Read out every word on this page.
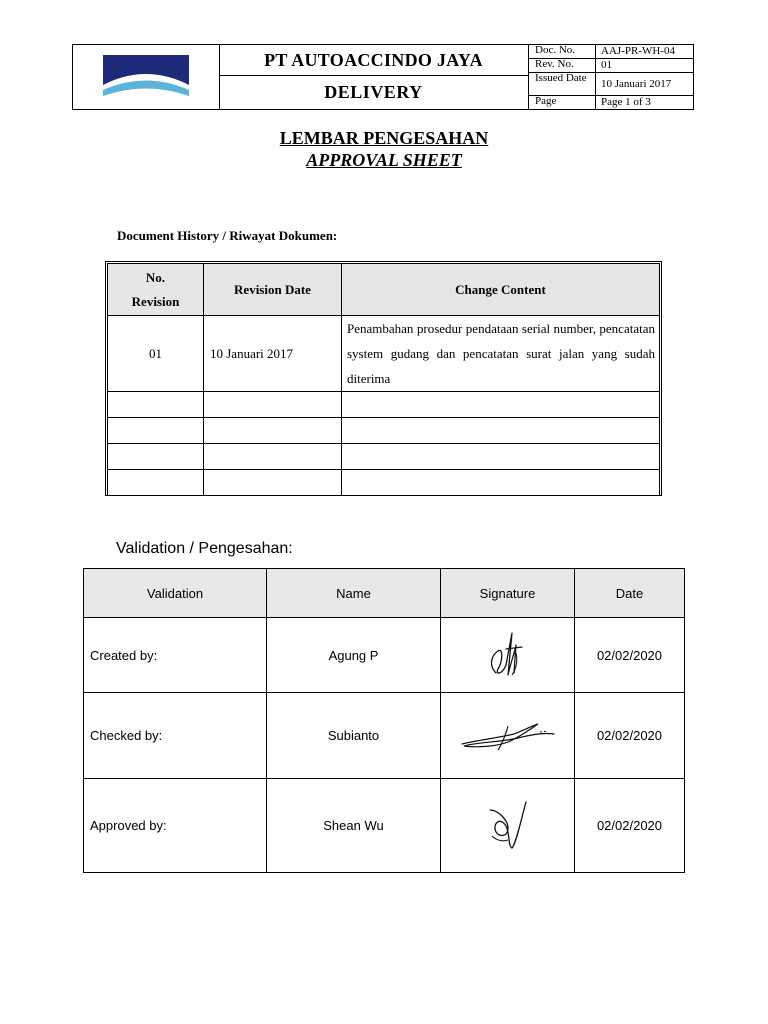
PT AUTOACCINDO JAYA
DELIVERY
Doc. No.	AAJ-PR-WH-04
Rev. No.	01
Issued Date	10 Januari 2017
Page	Page 1 of 3
LEMBAR PENGESAHAN
APPROVAL SHEET
Document History / Riwayat Dokumen:
No.
Revision	Revision Date	Change Content
01	10 Januari 2017	Penambahan prosedur pendataan serial number, pencatatan system gudang dan pencatatan surat jalan yang sudah diterima

Validation / Pengesahan:
Validation	Name	Signature	Date
Created by:	Agung P		02/02/2020
Checked by:	Subianto		02/02/2020
Approved by:	Shean Wu		02/02/2020
